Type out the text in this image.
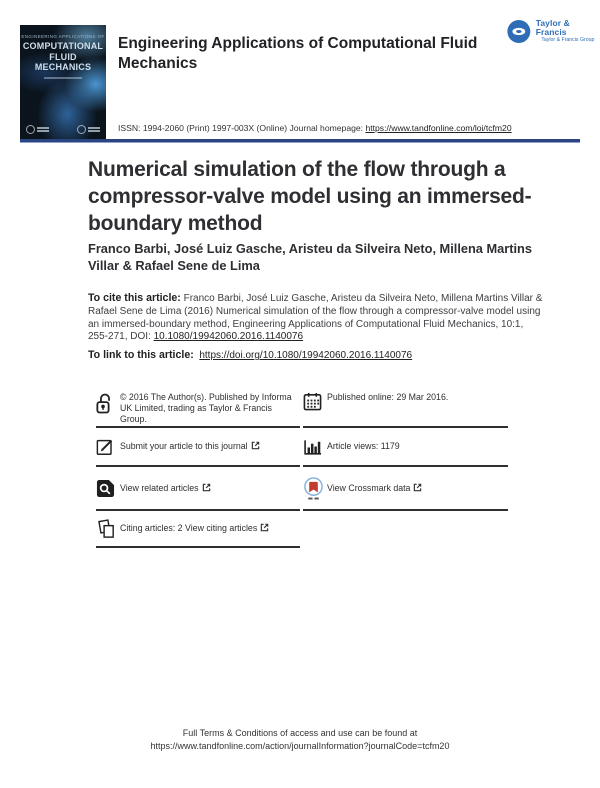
ENGINEERING APPLICATIONS OF
COMPUTATIONAL
FLUID MECHANICS
Engineering Applications of Computational Fluid Mechanics
Taylor & Francis
Taylor & Francis Group
ISSN: 1994-2060 (Print) 1997-003X (Online) Journal homepage: https://www.tandfonline.com/loi/tcfm20
Numerical simulation of the flow through a compressor-valve model using an immersed-boundary method
Franco Barbi, José Luiz Gasche, Aristeu da Silveira Neto, Millena Martins Villar & Rafael Sene de Lima
To cite this article: Franco Barbi, José Luiz Gasche, Aristeu da Silveira Neto, Millena Martins Villar & Rafael Sene de Lima (2016) Numerical simulation of the flow through a compressor-valve model using an immersed-boundary method, Engineering Applications of Computational Fluid Mechanics, 10:1, 255-271, DOI: 10.1080/19942060.2016.1140076
To link to this article: https://doi.org/10.1080/19942060.2016.1140076
© 2016 The Author(s). Published by Informa UK Limited, trading as Taylor & Francis Group.
Submit your article to this journal
View related articles
Citing articles: 2 View citing articles
Published online: 29 Mar 2016.
Article views: 1179
View Crossmark data
Full Terms & Conditions of access and use can be found at
https://www.tandfonline.com/action/journalInformation?journalCode=tcfm20
